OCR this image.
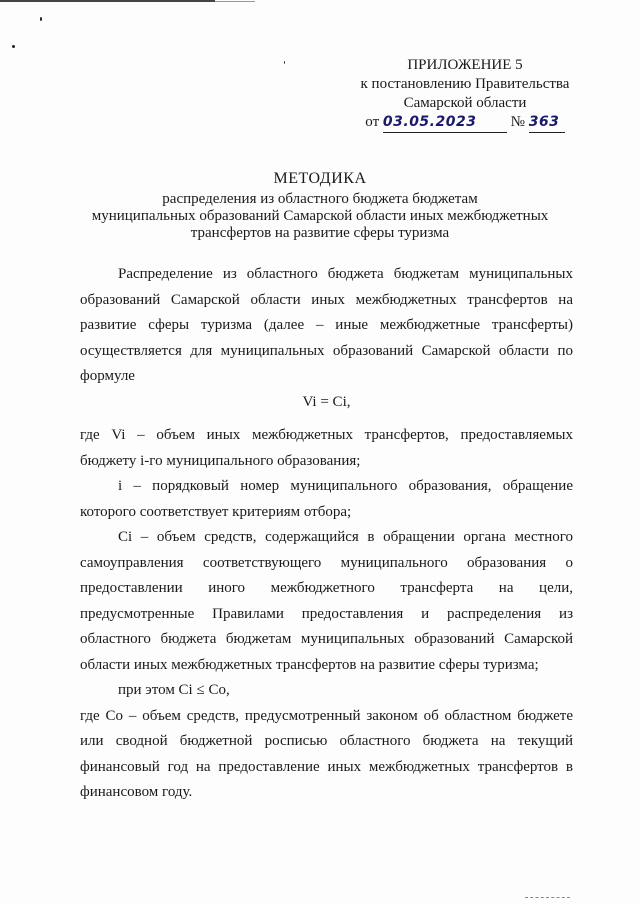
ПРИЛОЖЕНИЕ 5
к постановлению Правительства
Самарской области
от 03.05.2023 № 363
МЕТОДИКА
распределения из областного бюджета бюджетам
муниципальных образований Самарской области иных межбюджетных
трансфертов на развитие сферы туризма

Распределение из областного бюджета бюджетам муниципальных образований Самарской области иных межбюджетных трансфертов на развитие сферы туризма (далее – иные межбюджетные трансферты) осуществляется для муниципальных образований Самарской области по формуле

Vi = Ci,

где Vi – объем иных межбюджетных трансфертов, предоставляемых бюджету i-го муниципального образования;

i – порядковый номер муниципального образования, обращение которого соответствует критериям отбора;

Ci – объем средств, содержащийся в обращении органа местного самоуправления соответствующего муниципального образования о предоставлении иного межбюджетного трансферта на цели, предусмотренные Правилами предоставления и распределения из областного бюджета бюджетам муниципальных образований Самарской области иных межбюджетных трансфертов на развитие сферы туризма;

при этом Ci ≤ Co,

где Co – объем средств, предусмотренный законом об областном бюджете или сводной бюджетной росписью областного бюджета на текущий финансовый год на предоставление иных межбюджетных трансфертов в финансовом году.
